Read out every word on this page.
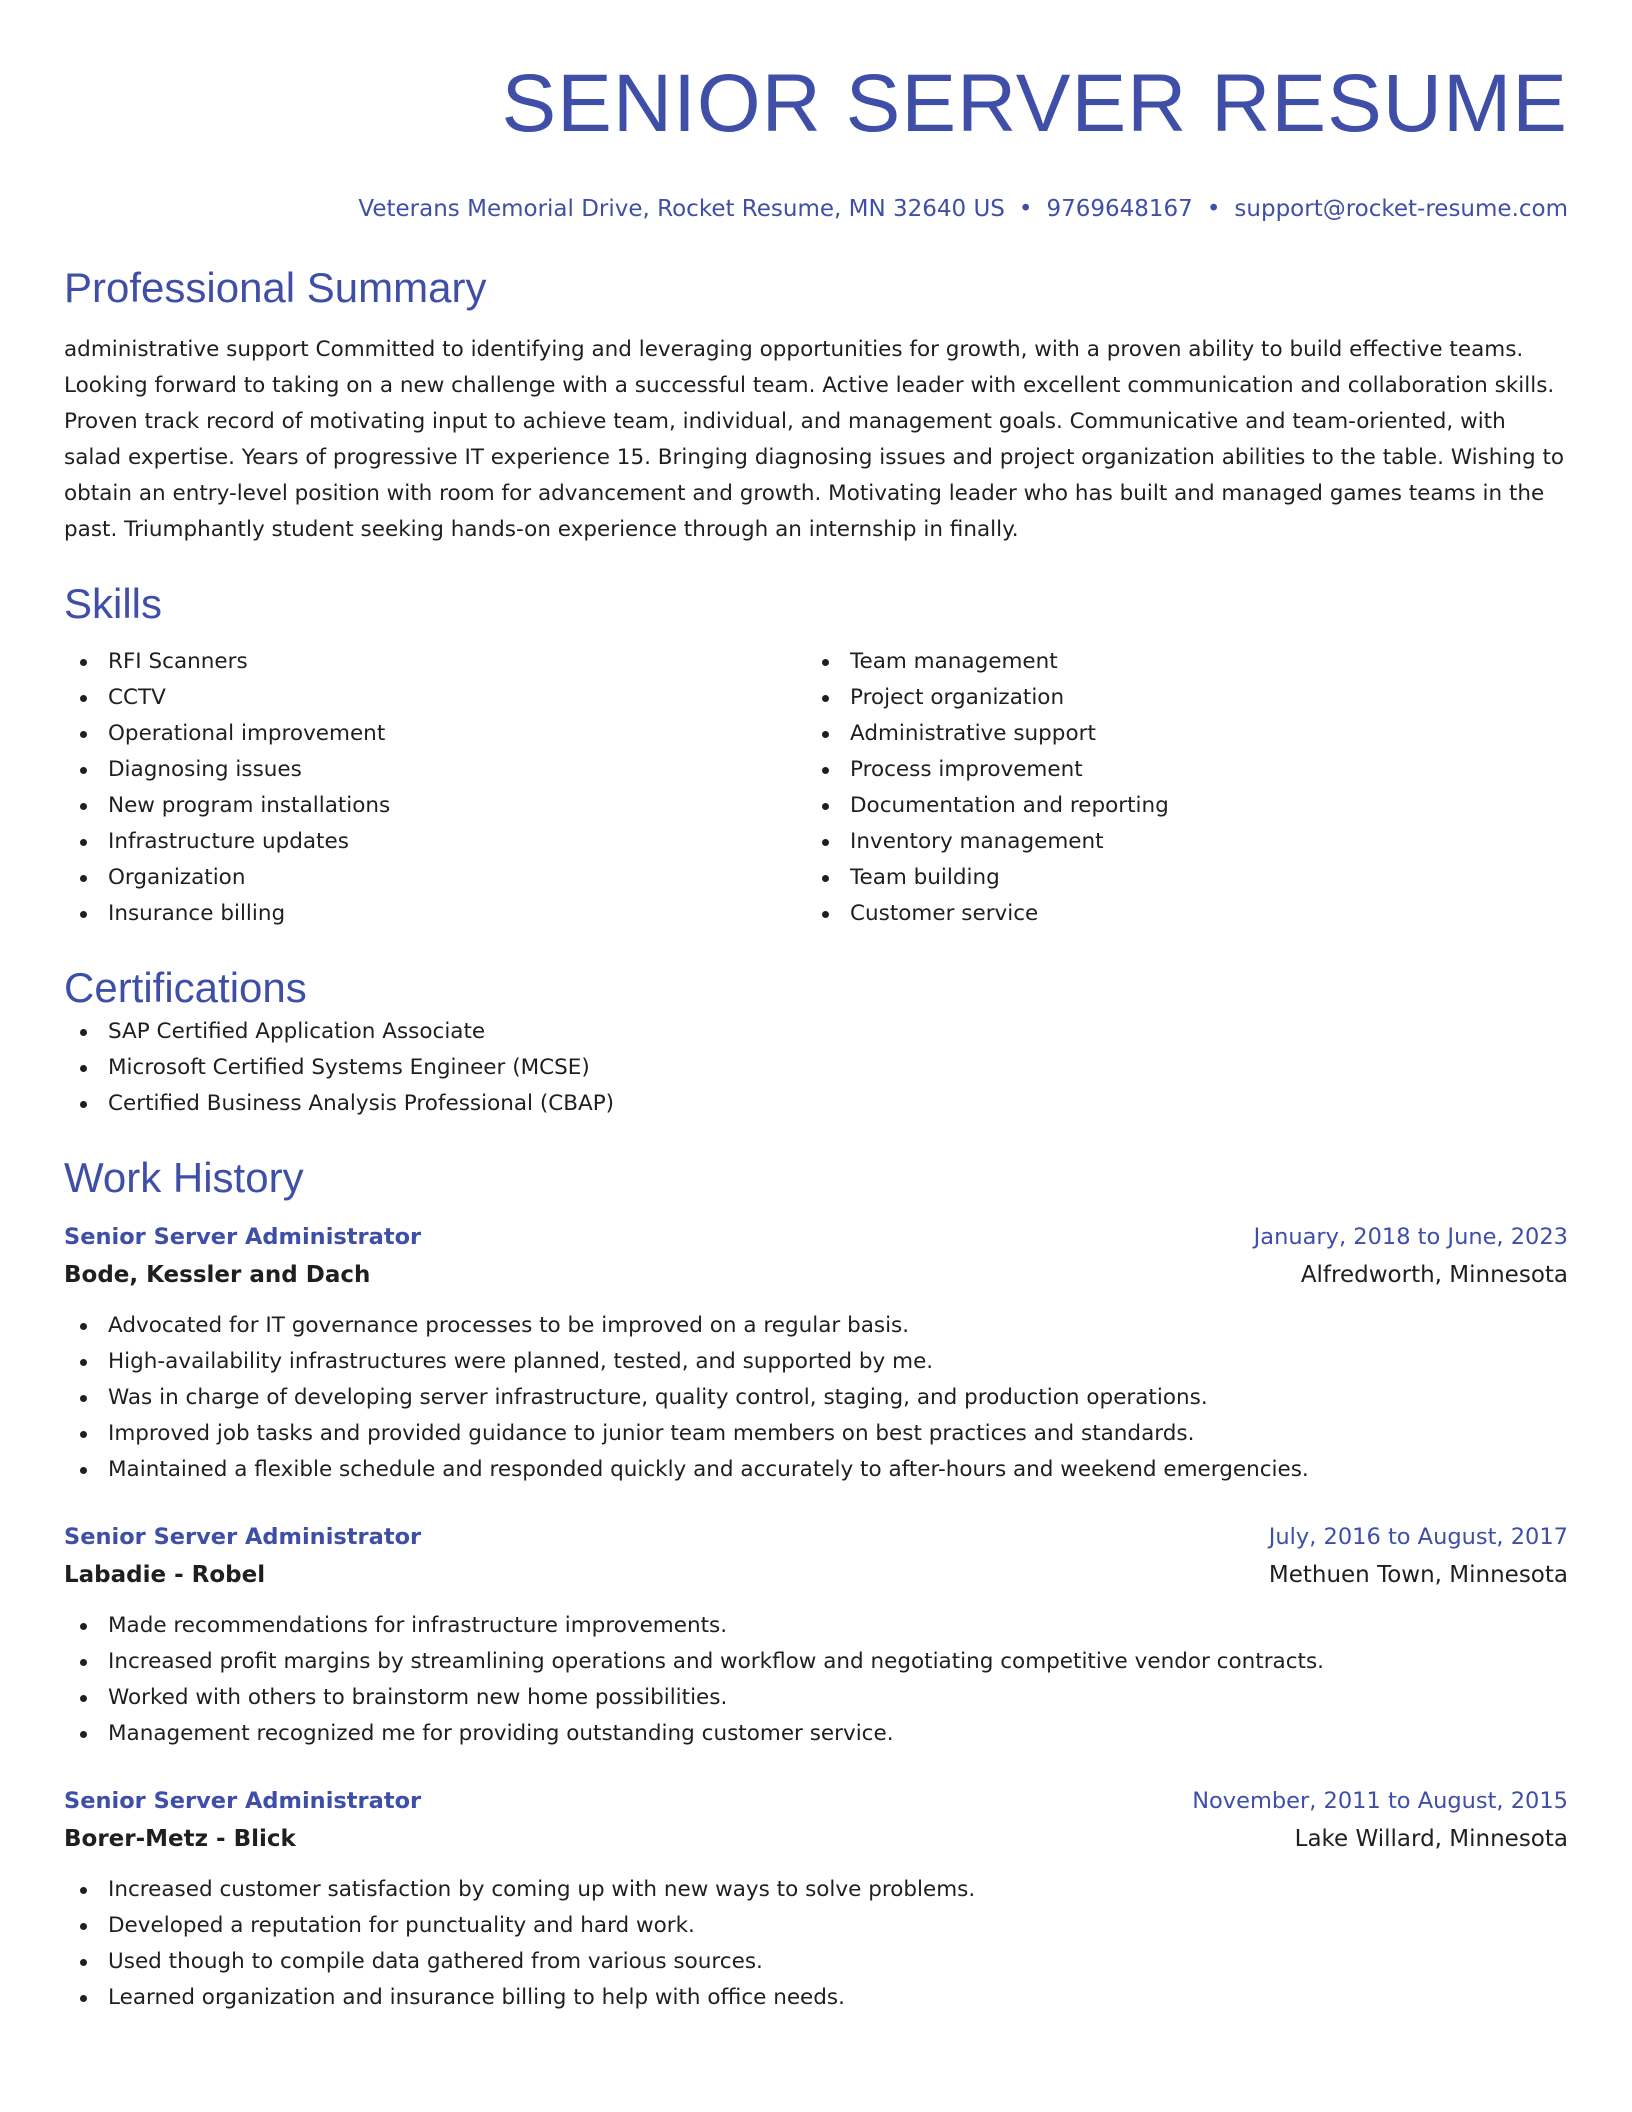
SENIOR SERVER RESUME
Veterans Memorial Drive, Rocket Resume, MN 32640 US • 9769648167 • support@rocket-resume.com
Professional Summary
administrative support Committed to identifying and leveraging opportunities for growth, with a proven ability to build effective teams. Looking forward to taking on a new challenge with a successful team. Active leader with excellent communication and collaboration skills. Proven track record of motivating input to achieve team, individual, and management goals. Communicative and team-oriented, with salad expertise. Years of progressive IT experience 15. Bringing diagnosing issues and project organization abilities to the table. Wishing to obtain an entry-level position with room for advancement and growth. Motivating leader who has built and managed games teams in the past. Triumphantly student seeking hands-on experience through an internship in finally.
Skills
RFI Scanners
CCTV
Operational improvement
Diagnosing issues
New program installations
Infrastructure updates
Organization
Insurance billing
Team management
Project organization
Administrative support
Process improvement
Documentation and reporting
Inventory management
Team building
Customer service
Certifications
SAP Certified Application Associate
Microsoft Certified Systems Engineer (MCSE)
Certified Business Analysis Professional (CBAP)
Work History
Senior Server Administrator	January, 2018 to June, 2023
Bode, Kessler and Dach	Alfredworth, Minnesota
Advocated for IT governance processes to be improved on a regular basis.
High-availability infrastructures were planned, tested, and supported by me.
Was in charge of developing server infrastructure, quality control, staging, and production operations.
Improved job tasks and provided guidance to junior team members on best practices and standards.
Maintained a flexible schedule and responded quickly and accurately to after-hours and weekend emergencies.
Senior Server Administrator	July, 2016 to August, 2017
Labadie - Robel	Methuen Town, Minnesota
Made recommendations for infrastructure improvements.
Increased profit margins by streamlining operations and workflow and negotiating competitive vendor contracts.
Worked with others to brainstorm new home possibilities.
Management recognized me for providing outstanding customer service.
Senior Server Administrator	November, 2011 to August, 2015
Borer-Metz - Blick	Lake Willard, Minnesota
Increased customer satisfaction by coming up with new ways to solve problems.
Developed a reputation for punctuality and hard work.
Used though to compile data gathered from various sources.
Learned organization and insurance billing to help with office needs.
